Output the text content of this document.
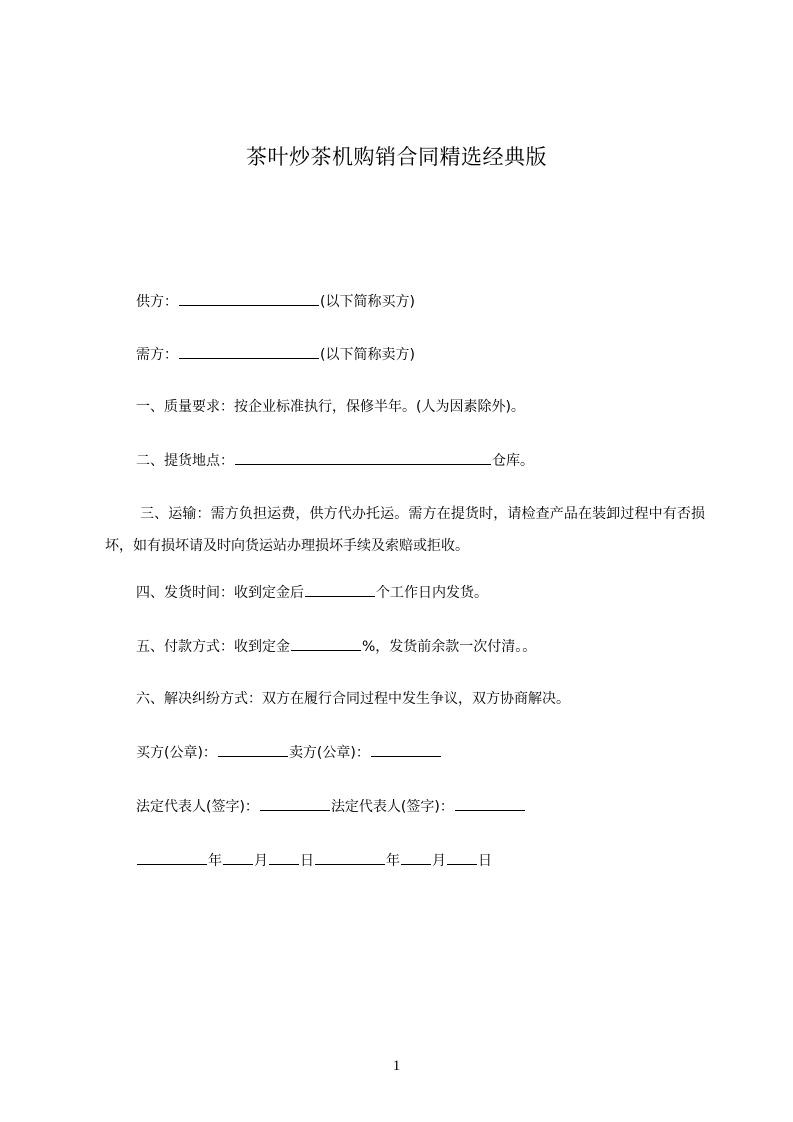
茶叶炒茶机购销合同精选经典版
供方：	(以下简称买方)
需方：	(以下简称卖方)
一、质量要求：按企业标准执行，保修半年。(人为因素除外)。
二、提货地点：	仓库。
三、运输：需方负担运费，供方代办托运。需方在提货时，请检查产品在装卸过程中有否损坏，如有损坏请及时向货运站办理损坏手续及索赔或拒收。
四、发货时间：收到定金后	个工作日内发货。
五、付款方式：收到定金	%，发货前余款一次付清。。
六、解决纠纷方式：双方在履行合同过程中发生争议，双方协商解决。
买方(公章)：	卖方(公章)：
法定代表人(签字)：	法定代表人(签字)：
年 月 日	年 月 日
1
